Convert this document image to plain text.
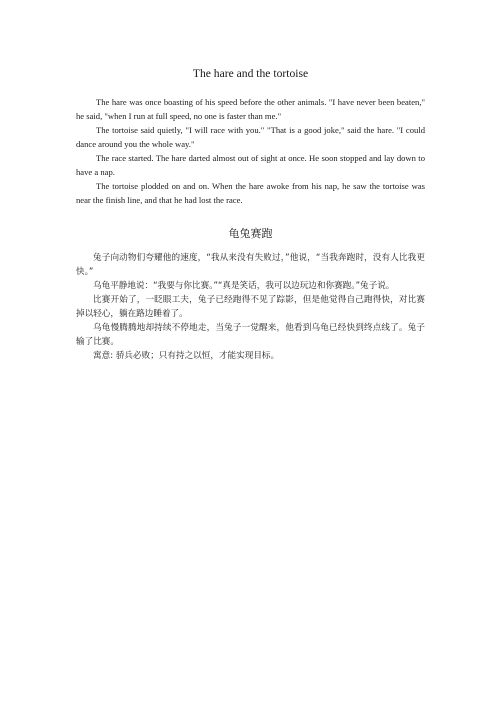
The hare and the tortoise

The hare was once boasting of his speed before the other animals. "I have never been beaten," he said, "when I run at full speed, no one is faster than me."

The tortoise said quietly, "I will race with you." "That is a good joke," said the hare. "I could dance around you the whole way."

The race started. The hare darted almost out of sight at once. He soon stopped and lay down to have a nap.

The tortoise plodded on and on. When the hare awoke from his nap, he saw the tortoise was near the finish line, and that he had lost the race.

龟兔赛跑

兔子向动物们夸耀他的速度，“我从来没有失败过，”他说，“当我奔跑时，没有人比我更快。”

乌龟平静地说：“我要与你比赛。”“真是笑话，我可以边玩边和你赛跑。”兔子说。

比赛开始了，一眨眼工夫，兔子已经跑得不见了踪影，但是他觉得自己跑得快，对比赛掉以轻心，躺在路边睡着了。

乌龟慢腾腾地却持续不停地走，当兔子一觉醒来，他看到乌龟已经快到终点线了。兔子输了比赛。

寓意: 骄兵必败；只有持之以恒，才能实现目标。
